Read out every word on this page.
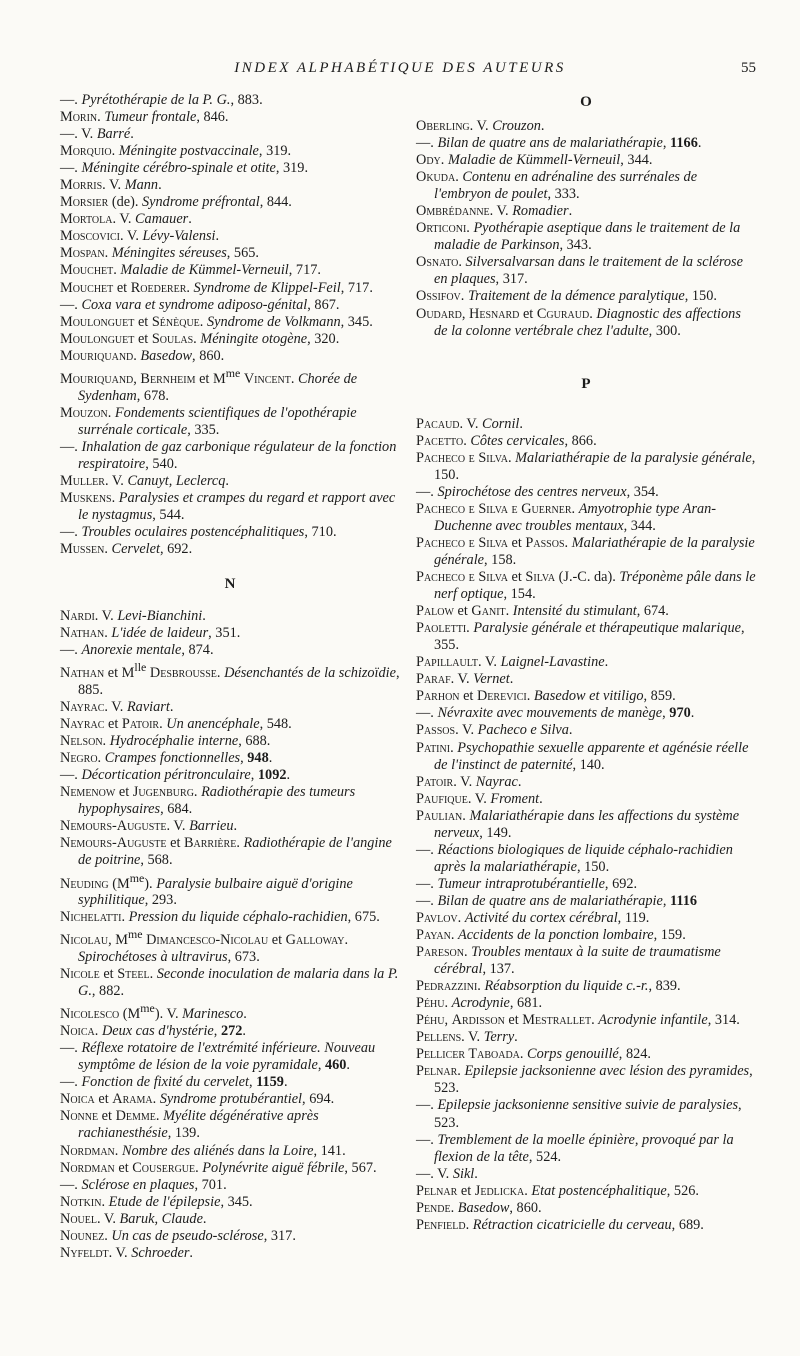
INDEX ALPHABÉTIQUE DES AUTEURS	55

—. Pyrétothérapie de la P. G., 883.

Morin. Tumeur frontale, 846.

—. V. Barré.

Morquio. Méningite postvaccinale, 319.

—. Méningite cérébro-spinale et otite, 319.

Morris. V. Mann.

Morsier (de). Syndrome préfrontal, 844.

Mortola. V. Camauer.

Moscovici. V. Lévy-Valensi.

Mospan. Méningites séreuses, 565.

Mouchet. Maladie de Kümmel-Verneuil, 717.

Mouchet et Roederer. Syndrome de Klippel-Feil, 717.

—. Coxa vara et syndrome adiposo-génital, 867.

Moulonguet et Sénèque. Syndrome de Volkmann, 345.

Moulonguet et Soulas. Méningite otogène, 320.

Mouriquand. Basedow, 860.

Mouriquand, Bernheim et $M^{me}$ Vincent. Chorée de Sydenham, 678.

Mouzon. Fondements scientifiques de l'opothérapie surrénale corticale, 335.

—. Inhalation de gaz carbonique régulateur de la fonction respiratoire, 540.

Muller. V. Canuyt, Leclercq.

Muskens. Paralysies et crampes du regard et rapport avec le nystagmus, 544.

—. Troubles oculaires postencéphalitiques, 710.

Mussen. Cervelet, 692.

N

Nardi. V. Levi-Bianchini.

Nathan. L'idée de laideur, 351.

—. Anorexie mentale, 874.

Nathan et $M^{lle}$ Desbrousse. Désenchantés de la schizoïdie, 885.

Nayrac. V. Raviart.

Nayrac et Patoir. Un anencéphale, 548.

Nelson. Hydrocéphalie interne, 688.

Negro. Crampes fonctionnelles, 948.

—. Décortication péritronculaire, 1092.

Nemenow et Jugenburg. Radiothérapie des tumeurs hypophysaires, 684.

Nemours-Auguste. V. Barrieu.

Nemours-Auguste et Barrière. Radiothérapie de l'angine de poitrine, 568.

Neuding $(M^{me})$. Paralysie bulbaire aiguë d'origine syphilitique, 293.

Nichelatti. Pression du liquide céphalo-rachidien, 675.

Nicolau, $M^{me}$ Dimancesco-Nicolau et Galloway. Spirochétoses à ultravirus, 673.

Nicole et Steel. Seconde inoculation de malaria dans la P. G., 882.

Nicolesco $(M^{me})$. V. Marinesco.

Noica. Deux cas d'hystérie, 272.

—. Réflexe rotatoire de l'extrémité inférieure. Nouveau symptôme de lésion de la voie pyramidale, 460.

—. Fonction de fixité du cervelet, 1159.

Noica et Arama. Syndrome protubérantiel, 694.

Nonne et Demme. Myélite dégénérative après rachianesthésie, 139.

Nordman. Nombre des aliénés dans la Loire, 141.

Nordman et Cousergue. Polynévrite aiguë fébrile, 567.

—. Sclérose en plaques, 701.

Notkin. Etude de l'épilepsie, 345.

Nouel. V. Baruk, Claude.

Nounez. Un cas de pseudo-sclérose, 317.

Nyfeldt. V. Schroeder.

O

Oberling. V. Crouzon.

—. Bilan de quatre ans de malariathérapie, 1166.

Ody. Maladie de Kümmell-Verneuil, 344.

Okuda. Contenu en adrénaline des surrénales de l'embryon de poulet, 333.

Ombrédanne. V. Romadier.

Orticoni. Pyothérapie aseptique dans le traitement de la maladie de Parkinson, 343.

Osnato. Silversalvarsan dans le traitement de la sclérose en plaques, 317.

Ossifov. Traitement de la démence paralytique, 150.

Oudard, Hesnard et Cguraud. Diagnostic des affections de la colonne vertébrale chez l'adulte, 300.

P

Pacaud. V. Cornil.

Pacetto. Côtes cervicales, 866.

Pacheco e Silva. Malariathérapie de la paralysie générale, 150.

—. Spirochétose des centres nerveux, 354.

Pacheco e Silva e Guerner. Amyotrophie type Aran-Duchenne avec troubles mentaux, 344.

Pacheco e Silva et Passos. Malariathérapie de la paralysie générale, 158.

Pacheco e Silva et Silva (J.-C. da). Tréponème pâle dans le nerf optique, 154.

Palow et Ganit. Intensité du stimulant, 674.

Paoletti. Paralysie générale et thérapeutique malarique, 355.

Papillault. V. Laignel-Lavastine.

Paraf. V. Vernet.

Parhon et Derevici. Basedow et vitiligo, 859.

—. Névraxite avec mouvements de manège, 970.

Passos. V. Pacheco e Silva.

Patini. Psychopathie sexuelle apparente et agénésie réelle de l'instinct de paternité, 140.

Patoir. V. Nayrac.

Paufique. V. Froment.

Paulian. Malariathérapie dans les affections du système nerveux, 149.

—. Réactions biologiques de liquide céphalo-rachidien après la malariathérapie, 150.

—. Tumeur intraprotubérantielle, 692.

—. Bilan de quatre ans de malariathérapie, 1116

Pavlov. Activité du cortex cérébral, 119.

Payan. Accidents de la ponction lombaire, 159.

Pareson. Troubles mentaux à la suite de traumatisme cérébral, 137.

Pedrazzini. Réabsorption du liquide c.-r., 839.

Péhu. Acrodynie, 681.

Péhu, Ardisson et Mestrallet. Acrodynie infantile, 314.

Pellens. V. Terry.

Pellicer Taboada. Corps genouillé, 824.

Pelnar. Epilepsie jacksonienne avec lésion des pyramides, 523.

—. Epilepsie jacksonienne sensitive suivie de paralysies, 523.

—. Tremblement de la moelle épinière, provoqué par la flexion de la tête, 524.

—. V. Sikl.

Pelnar et Jedlicka. Etat postencéphalitique, 526.

Pende. Basedow, 860.

Penfield. Rétraction cicatricielle du cerveau, 689.
